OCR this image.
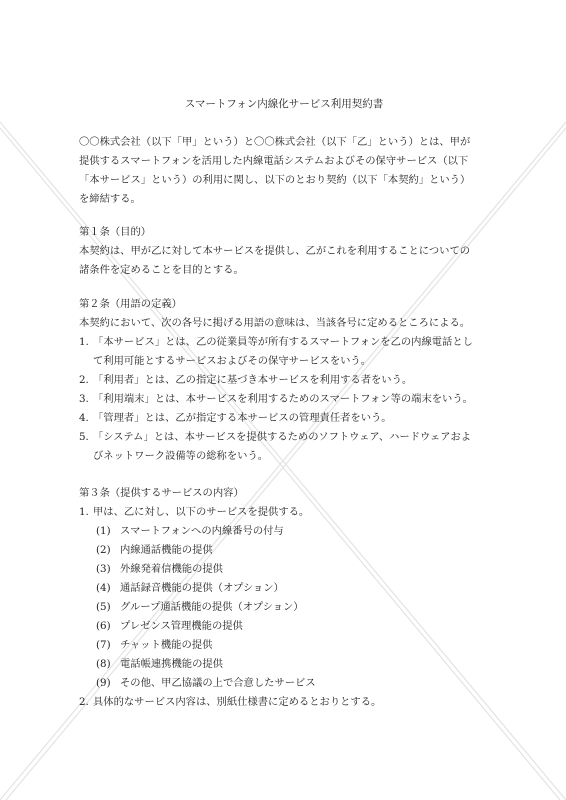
スマートフォン内線化サービス利用契約書
〇〇株式会社（以下「甲」という）と〇〇株式会社（以下「乙」という）とは、甲が
提供するスマートフォンを活用した内線電話システムおよびその保守サービス（以下
「本サービス」という）の利用に関し、以下のとおり契約（以下「本契約」という）
を締結する。
第１条（目的）
本契約は、甲が乙に対して本サービスを提供し、乙がこれを利用することについての
諸条件を定めることを目的とする。
第２条（用語の定義）
本契約において、次の各号に掲げる用語の意味は、当該各号に定めるところによる。
1. 「本サービス」とは、乙の従業員等が所有するスマートフォンを乙の内線電話とし
て利用可能とするサービスおよびその保守サービスをいう。
2. 「利用者」とは、乙の指定に基づき本サービスを利用する者をいう。
3. 「利用端末」とは、本サービスを利用するためのスマートフォン等の端末をいう。
4. 「管理者」とは、乙が指定する本サービスの管理責任者をいう。
5. 「システム」とは、本サービスを提供するためのソフトウェア、ハードウェアおよ
びネットワーク設備等の総称をいう。
第３条（提供するサービスの内容）
1. 甲は、乙に対し、以下のサービスを提供する。
(1) スマートフォンへの内線番号の付与
(2) 内線通話機能の提供
(3) 外線発着信機能の提供
(4) 通話録音機能の提供（オプション）
(5) グループ通話機能の提供（オプション）
(6) プレゼンス管理機能の提供
(7) チャット機能の提供
(8) 電話帳連携機能の提供
(9) その他、甲乙協議の上で合意したサービス
2. 具体的なサービス内容は、別紙仕様書に定めるとおりとする。
